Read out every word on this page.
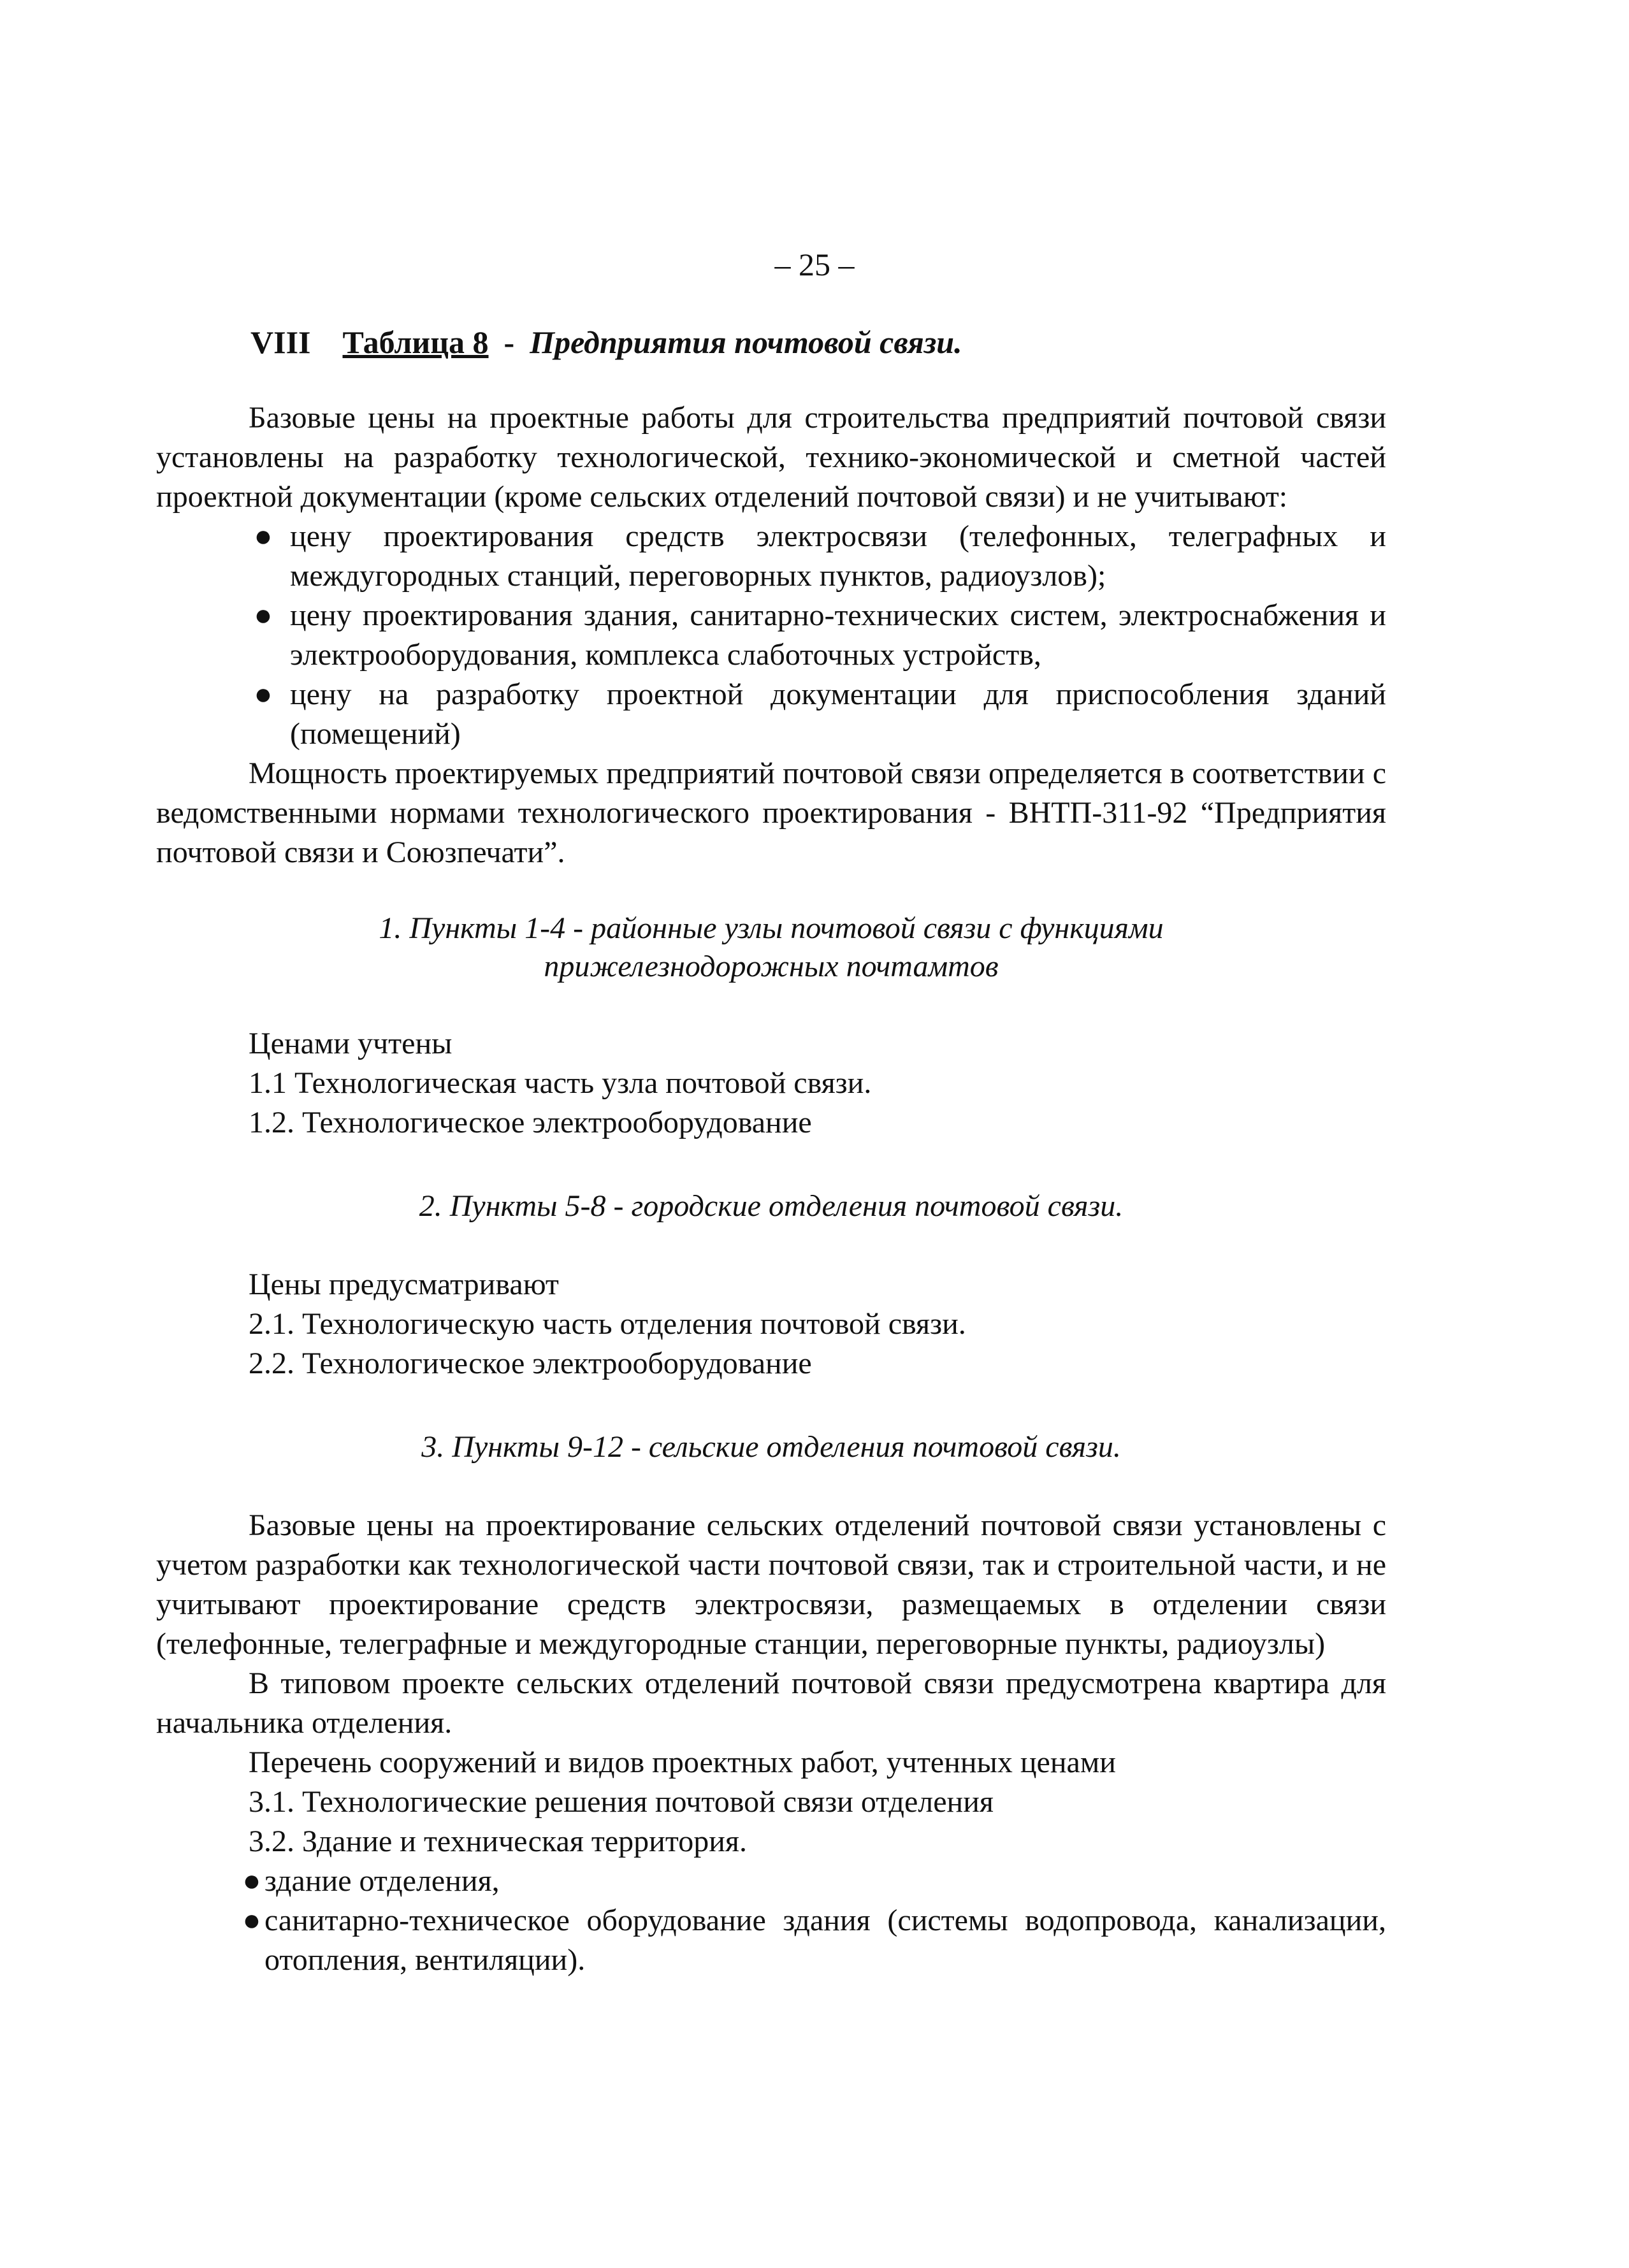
– 25 –
VIII Таблица 8 - Предприятия почтовой связи.

Базовые цены на проектные работы для строительства предприятий почтовой связи установлены на разработку технологической, технико-экономической и сметной частей проектной документации (кроме сельских отделений почтовой связи) и не учитывают:

● цену проектирования средств электросвязи (телефонных, телеграфных и междугородных станций, переговорных пунктов, радиоузлов);
● цену проектирования здания, санитарно-технических систем, электроснабжения и электрооборудования, комплекса слаботочных устройств,
● цену на разработку проектной документации для приспособления зданий (помещений)

Мощность проектируемых предприятий почтовой связи определяется в соответствии с ведомственными нормами технологического проектирования - ВНТП-311-92 “Предприятия почтовой связи и Союзпечати”.

1. Пункты 1-4 - районные узлы почтовой связи с функциями
прижелезнодорожных почтамтов
Ценами учтены
1.1 Технологическая часть узла почтовой связи.
1.2. Технологическое электрооборудование
2. Пункты 5-8 - городские отделения почтовой связи.
Цены предусматривают
2.1. Технологическую часть отделения почтовой связи.
2.2. Технологическое электрооборудование
3. Пункты 9-12 - сельские отделения почтовой связи.

Базовые цены на проектирование сельских отделений почтовой связи установлены с учетом разработки как технологической части почтовой связи, так и строительной части, и не учитывают проектирование средств электросвязи, размещаемых в отделении связи (телефонные, телеграфные и междугородные станции, переговорные пункты, радиоузлы)

В типовом проекте сельских отделений почтовой связи предусмотрена квартира для начальника отделения.

Перечень сооружений и видов проектных работ, учтенных ценами
3.1. Технологические решения почтовой связи отделения
3.2. Здание и техническая территория.
● здание отделения,
● санитарно-техническое оборудование здания (системы водопровода, канализации, отопления, вентиляции).
